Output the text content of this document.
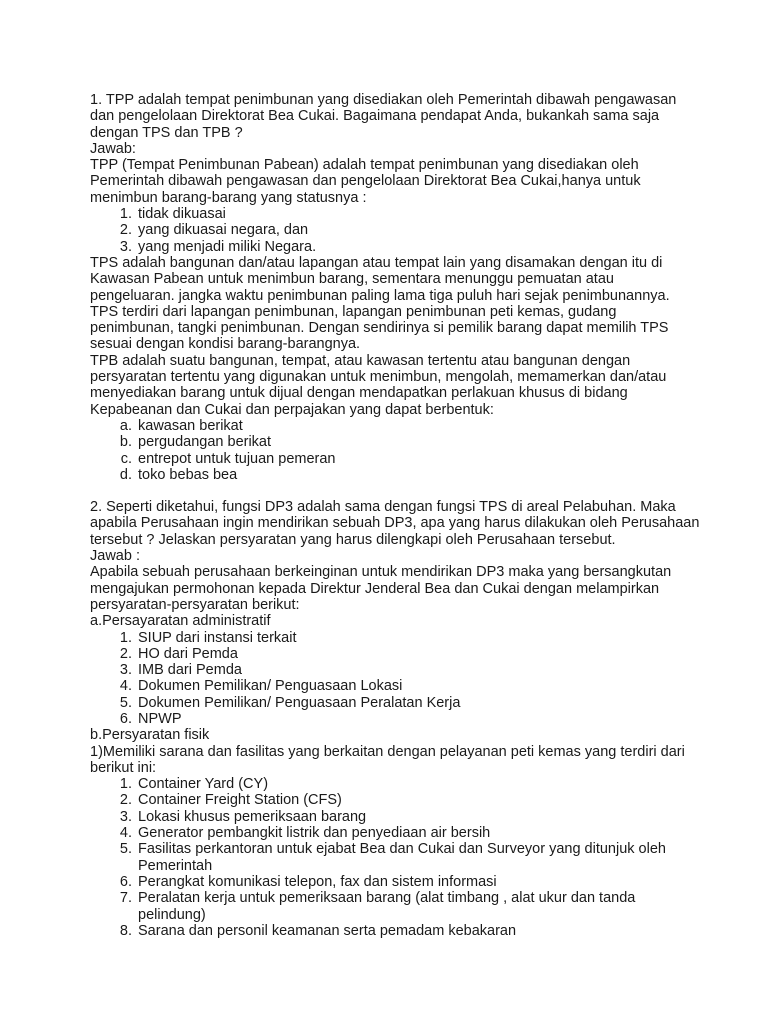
1. TPP adalah tempat penimbunan yang disediakan oleh Pemerintah dibawah pengawasan dan pengelolaan Direktorat Bea Cukai. Bagaimana pendapat Anda, bukankah sama saja dengan TPS dan TPB ?

Jawab:

TPP (Tempat Penimbunan Pabean) adalah tempat penimbunan yang disediakan oleh Pemerintah dibawah pengawasan dan pengelolaan Direktorat Bea Cukai,hanya untuk menimbun barang-barang yang statusnya :

1. tidak dikuasai
2. yang dikuasai negara, dan
3. yang menjadi miliki Negara.

TPS adalah bangunan dan/atau lapangan atau tempat lain yang disamakan dengan itu di Kawasan Pabean untuk menimbun barang, sementara menunggu pemuatan atau pengeluaran. jangka waktu penimbunan paling lama tiga puluh hari sejak penimbunannya. TPS terdiri dari lapangan penimbunan, lapangan penimbunan peti kemas, gudang penimbunan, tangki penimbunan. Dengan sendirinya si pemilik barang dapat memilih TPS sesuai dengan kondisi barang-barangnya.

TPB adalah suatu bangunan, tempat, atau kawasan tertentu atau bangunan dengan persyaratan tertentu yang digunakan untuk menimbun, mengolah, memamerkan dan/atau menyediakan barang untuk dijual dengan mendapatkan perlakuan khusus di bidang Kepabeanan dan Cukai dan perpajakan yang dapat berbentuk:

a. kawasan berikat
b. pergudangan berikat
c. entrepot untuk tujuan pemeran
d. toko bebas bea

2. Seperti diketahui, fungsi DP3 adalah sama dengan fungsi TPS di areal Pelabuhan. Maka apabila Perusahaan ingin mendirikan sebuah DP3, apa yang harus dilakukan oleh Perusahaan tersebut ? Jelaskan persyaratan yang harus dilengkapi oleh Perusahaan tersebut.

Jawab :

Apabila sebuah perusahaan berkeinginan untuk mendirikan DP3 maka yang bersangkutan mengajukan permohonan kepada Direktur Jenderal Bea dan Cukai dengan melampirkan persyaratan-persyaratan berikut:

a.Persayaratan administratif

1. SIUP dari instansi terkait
2. HO dari Pemda
3. IMB dari Pemda
4. Dokumen Pemilikan/ Penguasaan Lokasi
5. Dokumen Pemilikan/ Penguasaan Peralatan Kerja
6. NPWP

b.Persyaratan fisik

1)Memiliki sarana dan fasilitas yang berkaitan dengan pelayanan peti kemas yang terdiri dari berikut ini:

1. Container Yard (CY)
2. Container Freight Station (CFS)
3. Lokasi khusus pemeriksaan barang
4. Generator pembangkit listrik dan penyediaan air bersih
5. Fasilitas perkantoran untuk ejabat Bea dan Cukai dan Surveyor yang ditunjuk oleh Pemerintah
6. Perangkat komunikasi telepon, fax dan sistem informasi
7. Peralatan kerja untuk pemeriksaan barang (alat timbang , alat ukur dan tanda pelindung)
8. Sarana dan personil keamanan serta pemadam kebakaran
